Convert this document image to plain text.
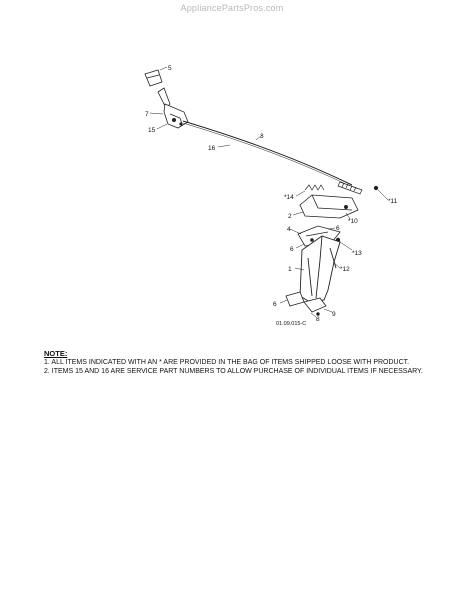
AppliancePartsPros.com
5
7
15
3
16
*11
*14
2
*10
4	6
6
*13
1	*12
6
8
9
01.09.015-C
NOTE:
1. ALL ITEMS INDICATED WITH AN * ARE PROVIDED IN THE BAG OF ITEMS SHIPPED LOOSE WITH PRODUCT.
2. ITEMS 15 AND 16 ARE SERVICE PART NUMBERS TO ALLOW PURCHASE OF INDIVIDUAL ITEMS IF NECESSARY.
